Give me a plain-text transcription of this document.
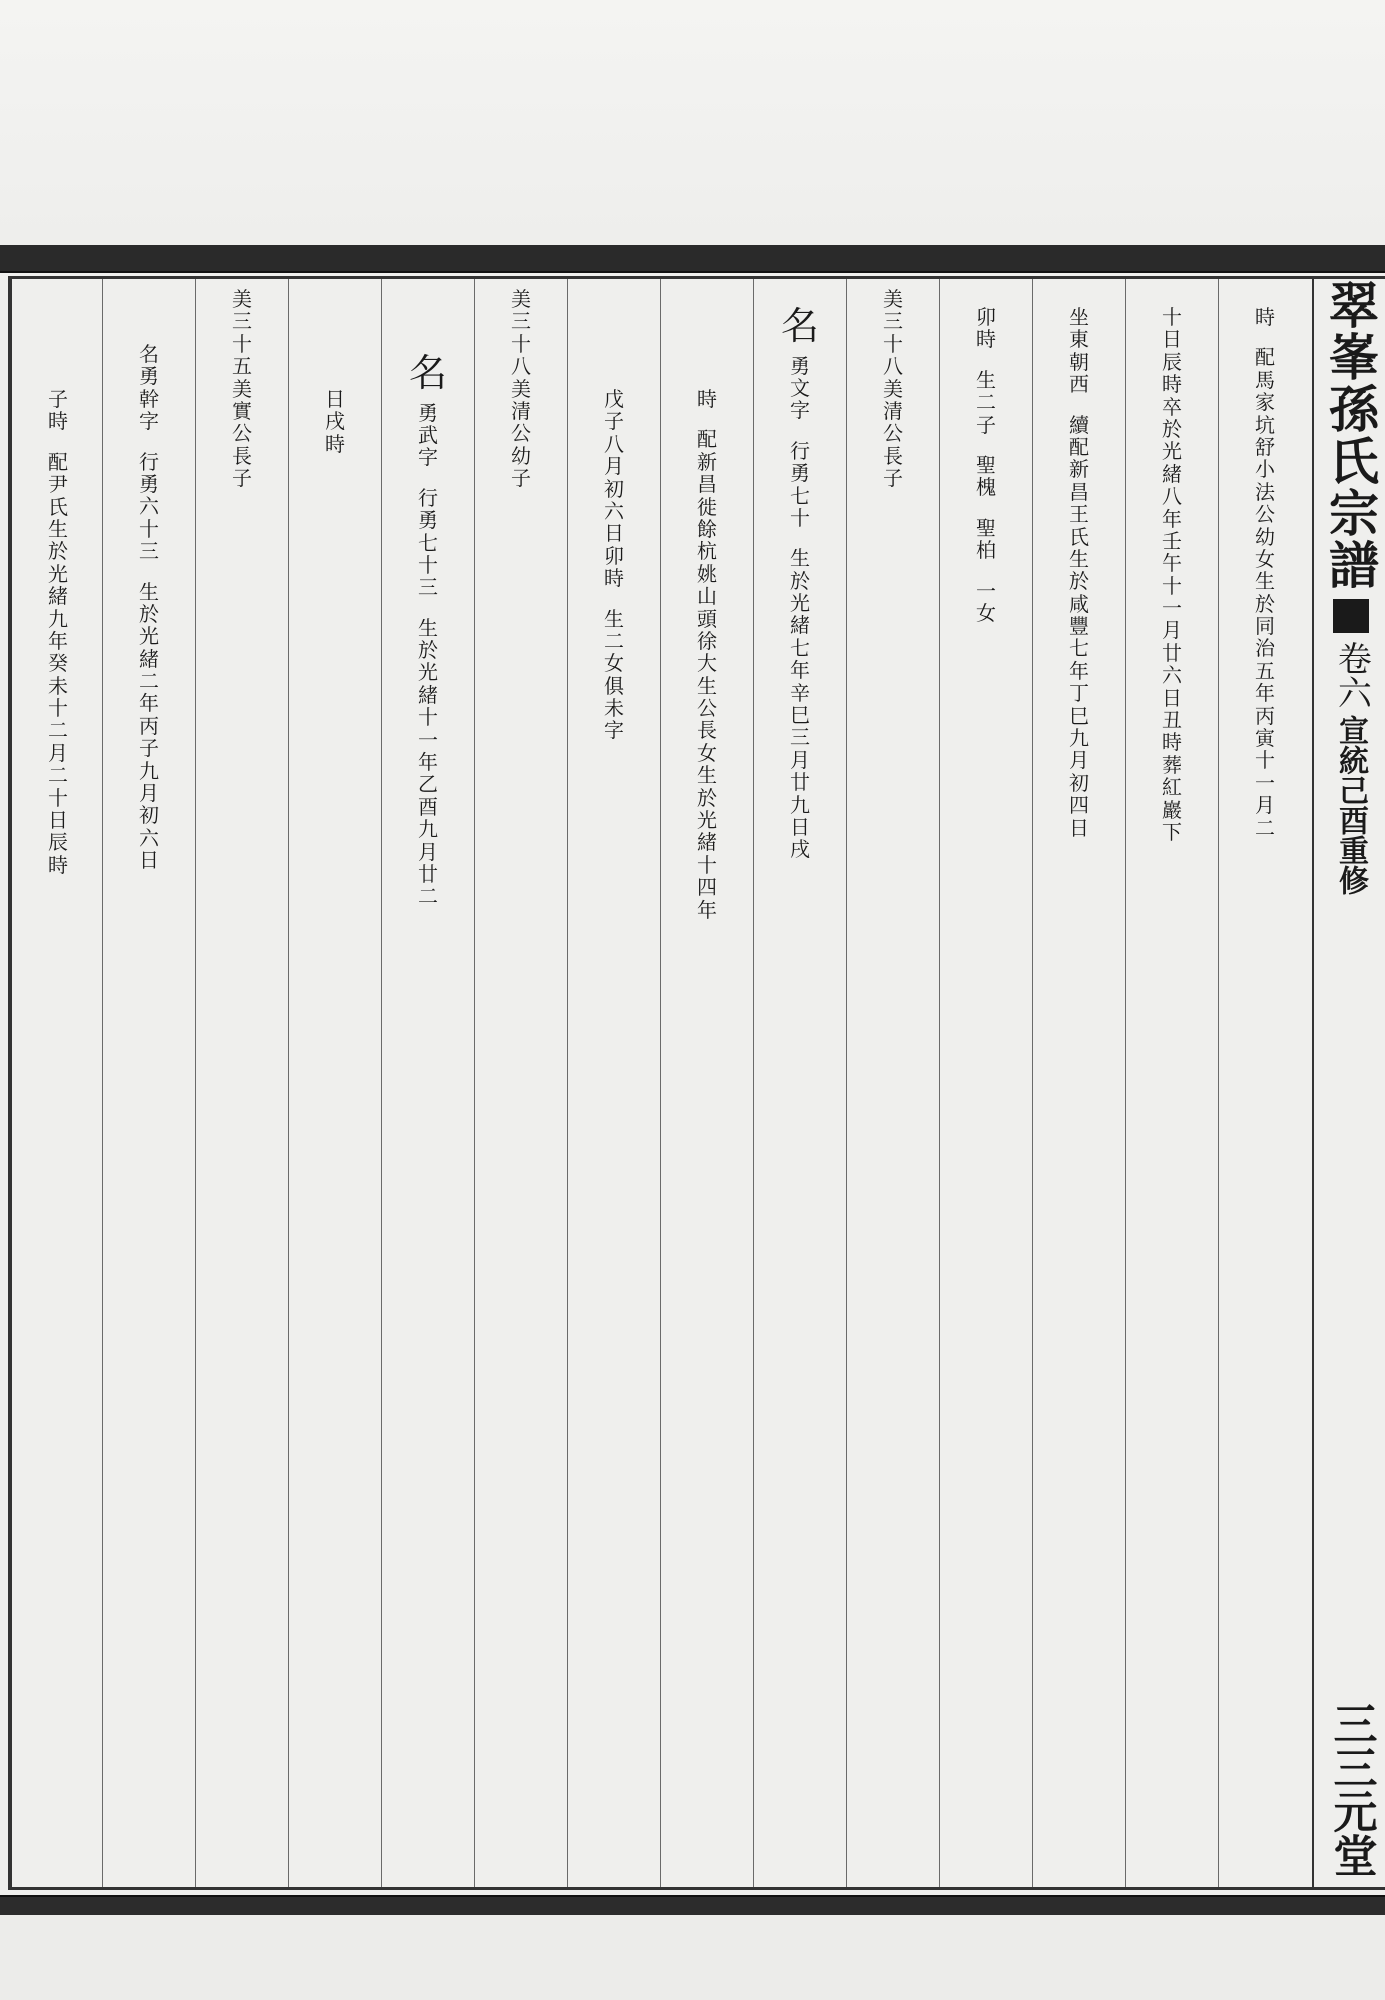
翠峯孫氏宗譜
卷六
宣統己酉重修
三三元堂
時
配
馬
家
坑
舒
小
法
公
幼
女
生
於
同
治
五
年
丙
寅
十
一
月
二
十
日
辰
時
卒
於
光
緒
八
年
壬
午
十
一
月
廿
六
日
丑
時
葬
紅
巖
下
坐
東
朝
西
續
配
新
昌
王
氏
生
於
咸
豐
七
年
丁
巳
九
月
初
四
日
卯
時
生
二
子
聖
槐
聖
柏
一
女
美
三
十
八
美
清
公
長
子
名
勇
文
字
行
勇
七
十
生
於
光
緒
七
年
辛
巳
三
月
廿
九
日
戌
時
配
新
昌
徙
餘
杭
姚
山
頭
徐
大
生
公
長
女
生
於
光
緒
十
四
年
戊
子
八
月
初
六
日
卯
時
生
二
女
俱
未
字
美
三
十
八
美
清
公
幼
子
名
勇
武
字
行
勇
七
十
三
生
於
光
緒
十
一
年
乙
酉
九
月
廿
二
日
戌
時
美
三
十
五
美
實
公
長
子
名
勇
幹
字
行
勇
六
十
三
生
於
光
緒
二
年
丙
子
九
月
初
六
日
子
時
配
尹
氏
生
於
光
緒
九
年
癸
未
十
二
月
二
十
日
辰
時
